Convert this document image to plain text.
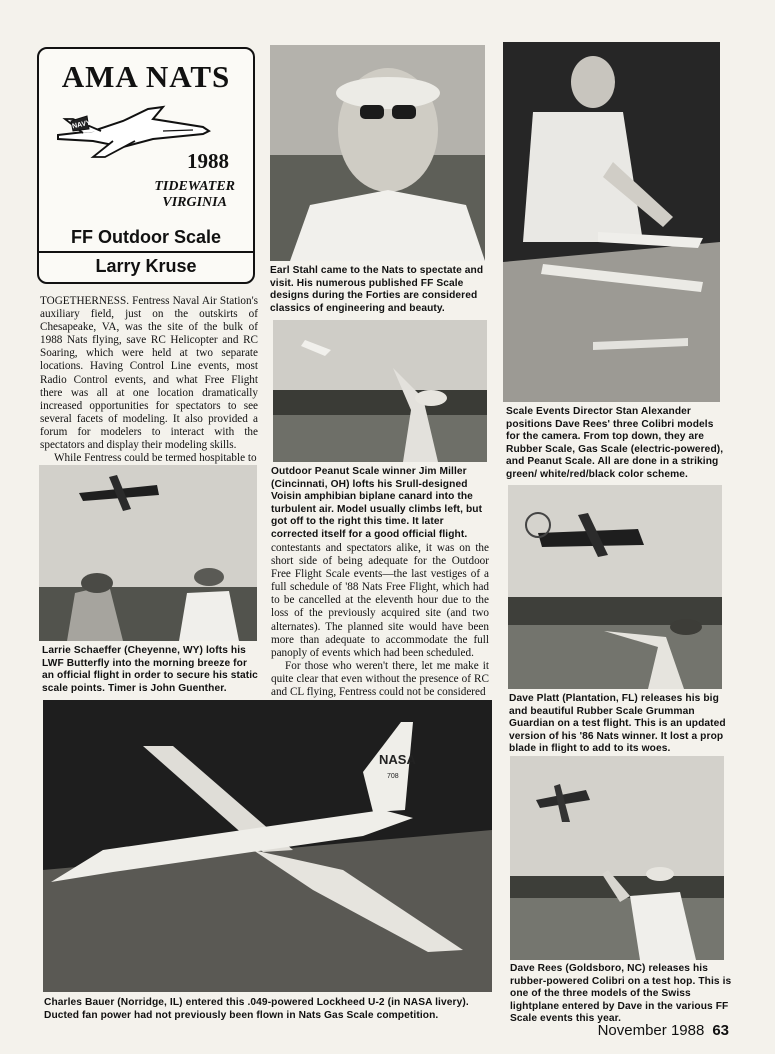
AMA NATS
NAVY
1988
TIDEWATER
VIRGINIA
FF Outdoor Scale
Larry Kruse	Earl Stahl came to the Nats to spectate and visit. His numerous published FF Scale designs during the Forties are considered classics of engineering and beauty.
Scale Events Director Stan Alexander positions Dave Rees' three Colibri models for the camera. From top down, they are Rubber Scale, Gas Scale (electric-powered), and Peanut Scale. All are done in a striking green/ white/red/black color scheme.

TOGETHERNESS. Fentress Naval Air Station's auxiliary field, just on the outskirts of Chesapeake, VA, was the site of the bulk of 1988 Nats flying, save RC Helicopter and RC Soaring, which were held at two separate locations. Having Control Line events, most Radio Control events, and what Free Flight there was all at one location dramatically increased opportunities for spectators to see several facets of modeling. It also provided a forum for modelers to interact with the spectators and display their modeling skills.

While Fentress could be termed hospitable to

Outdoor Peanut Scale winner Jim Miller (Cincinnati, OH) lofts his Srull-designed Voisin amphibian biplane canard into the turbulent air. Model usually climbs left, but got off to the right this time. It later corrected itself for a good official flight.
Larrie Schaeffer (Cheyenne, WY) lofts his LWF Butterfly into the morning breeze for an official flight in order to secure his static scale points. Timer is John Guenther.

contestants and spectators alike, it was on the short side of being adequate for the Outdoor Free Flight Scale events—the last vestiges of a full schedule of '88 Nats Free Flight, which had to be cancelled at the eleventh hour due to the loss of the previously acquired site (and two alternates). The planned site would have been more than adequate to accommodate the full panoply of events which had been scheduled.

For those who weren't there, let me make it quite clear that even without the presence of RC and CL flying, Fentress could not be considered

Dave Platt (Plantation, FL) releases his big and beautiful Rubber Scale Grumman Guardian on a test flight. This is an updated version of his '86 Nats winner. It lost a prop blade in flight to add to its woes.
NASA
708
Charles Bauer (Norridge, IL) entered this .049-powered Lockheed U-2 (in NASA livery). Ducted fan power had not previously been flown in Nats Gas Scale competition.
Dave Rees (Goldsboro, NC) releases his rubber-powered Colibri on a test hop. This is one of the three models of the Swiss lightplane entered by Dave in the various FF Scale events this year.
November 1988 63
